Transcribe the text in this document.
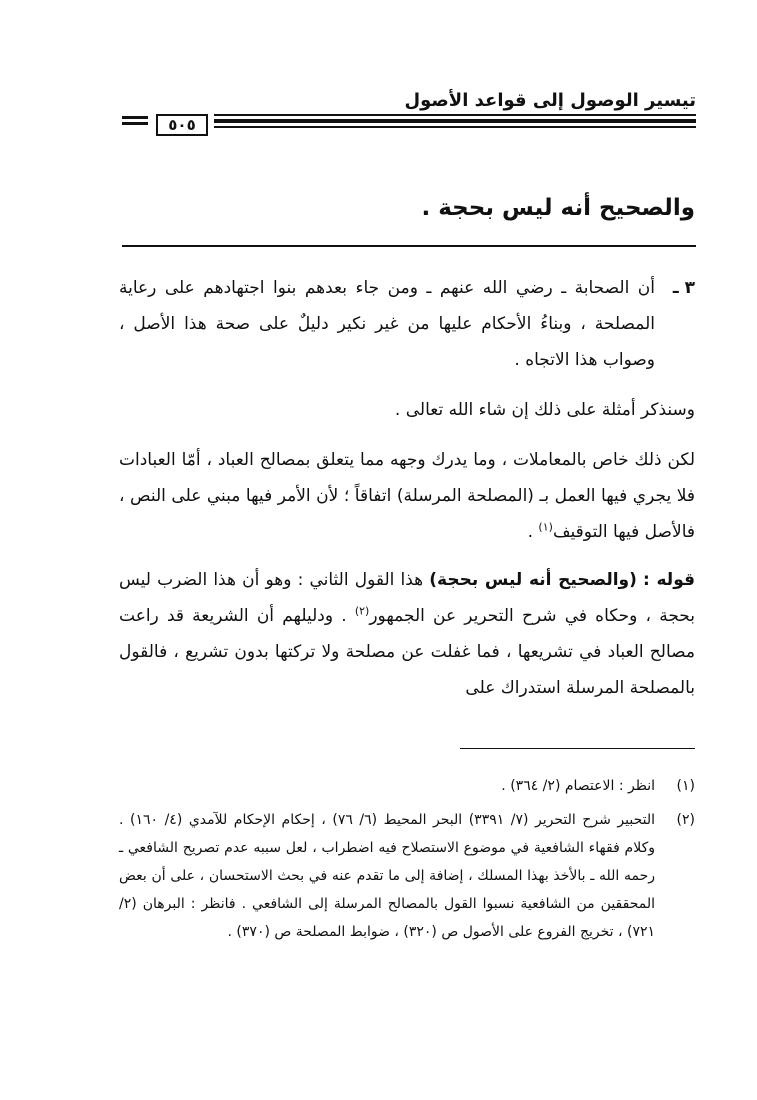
تيسير الوصول إلى قواعد الأصول
٥٠٥
والصحيح أنه ليس بحجة .
٣ ـ
أن الصحابة ـ رضي الله عنهم ـ ومن جاء بعدهم بنوا اجتهادهم على رعاية المصلحة ، وبناءُ الأحكام عليها من غير نكير دليلٌ على صحة هذا الأصل ، وصواب هذا الاتجاه .
وسنذكر أمثلة على ذلك إن شاء الله تعالى .
لكن ذلك خاص بالمعاملات ، وما يدرك وجهه مما يتعلق بمصالح العباد ، أمّا العبادات فلا يجري فيها العمل بـ (المصلحة المرسلة) اتفاقاً ؛ لأن الأمر فيها مبني على النص ، فالأصل فيها التوقيف$^{(١)}$ .
قوله : (والصحيح أنه ليس بحجة) هذا القول الثاني : وهو أن هذا الضرب ليس بحجة ، وحكاه في شرح التحرير عن الجمهور$^{(٢)}$ . ودليلهم أن الشريعة قد راعت مصالح العباد في تشريعها ، فما غفلت عن مصلحة ولا تركتها بدون تشريع ، فالقول بالمصلحة المرسلة استدراك على
(١)
انظر : الاعتصام (٢/ ٣٦٤) .
(٢)
التحبير شرح التحرير (٧/ ٣٣٩١) البحر المحيط (٦/ ٧٦) ، إحكام الإحكام للآمدي (٤/ ١٦٠) . وكلام فقهاء الشافعية في موضوع الاستصلاح فيه اضطراب ، لعل سببه عدم تصريح الشافعي ـ رحمه الله ـ بالأخذ بهذا المسلك ، إضافة إلى ما تقدم عنه في بحث الاستحسان ، على أن بعض المحققين من الشافعية نسبوا القول بالمصالح المرسلة إلى الشافعي . فانظر : البرهان (٢/ ٧٢١) ، تخريج الفروع على الأصول ص (٣٢٠) ، ضوابط المصلحة ص (٣٧٠) .
